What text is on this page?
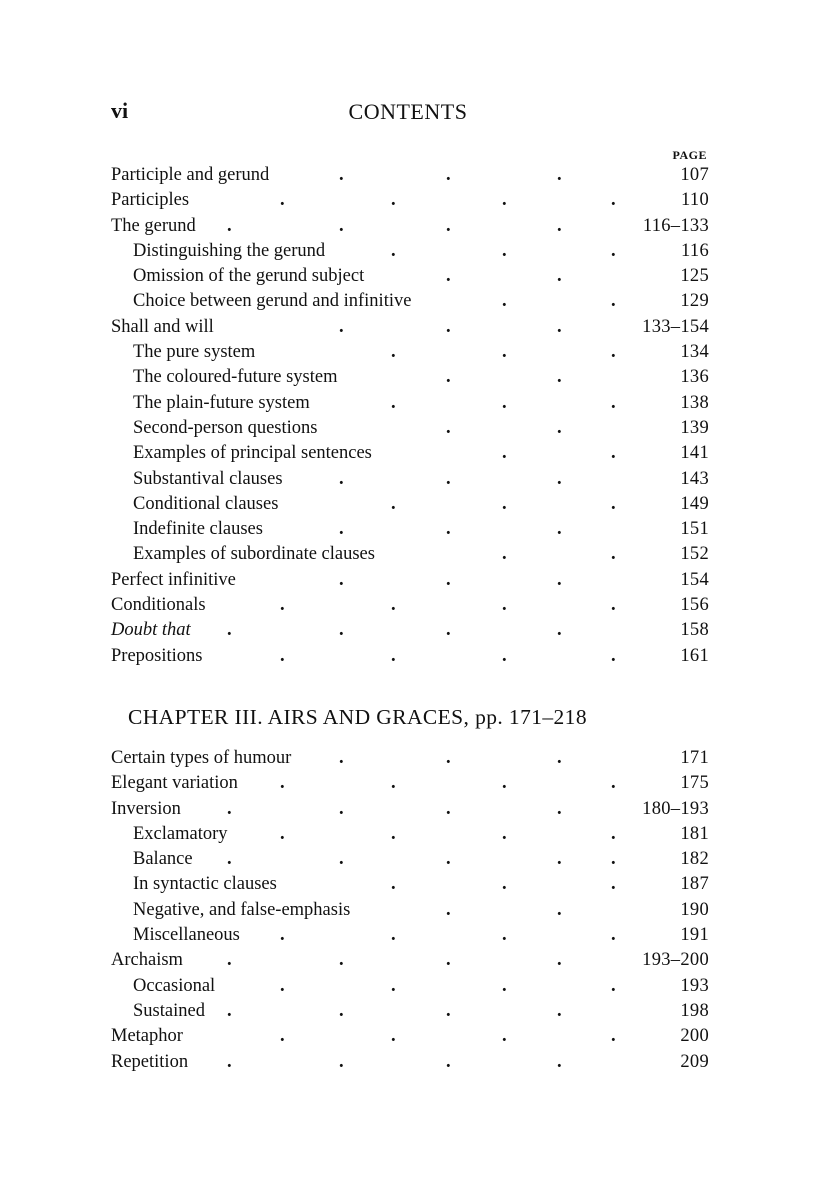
vi	CONTENTS
PAGE
Participle and gerund	.	.	.	107
Participles	.	.	.	.	110
The gerund .	.	.	.	116–133
Distinguishing the gerund	.	.	.	116
Omission of the gerund subject	.	.	125
Choice between gerund and infinitive	.	.	129
Shall and will	.	.	.	133–154
The pure system	.	.	.	134
The coloured-future system	.	.	136
The plain-future system	.	.	.	138
Second-person questions	.	.	139
Examples of principal sentences	.	.	141
Substantival clauses	.	.	.	143
Conditional clauses	.	.	.	149
Indefinite clauses	.	.	.	151
Examples of subordinate clauses	.	.	152
Perfect infinitive	.	.	.	154
Conditionals	.	.	.	.	156
Doubt that .	.	.	.	158
Prepositions	.	.	.	.	161
CHAPTER III. AIRS AND GRACES, pp. 171–218
Certain types of humour	.	.	.	171
Elegant variation .	.	.	.	175
Inversion .	.	.	.	180–193
Exclamatory	.	.	.	.	181
Balance .	.	.	.	.	182
In syntactic clauses	.	.	.	187
Negative, and false-emphasis	.	.	190
Miscellaneous .	.	.	.	191
Archaism .	.	.	.	193–200
Occasional	.	.	.	.	193
Sustained .	.	.	.	198
Metaphor	.	.	.	.	200
Repetition .	.	.	.	209
